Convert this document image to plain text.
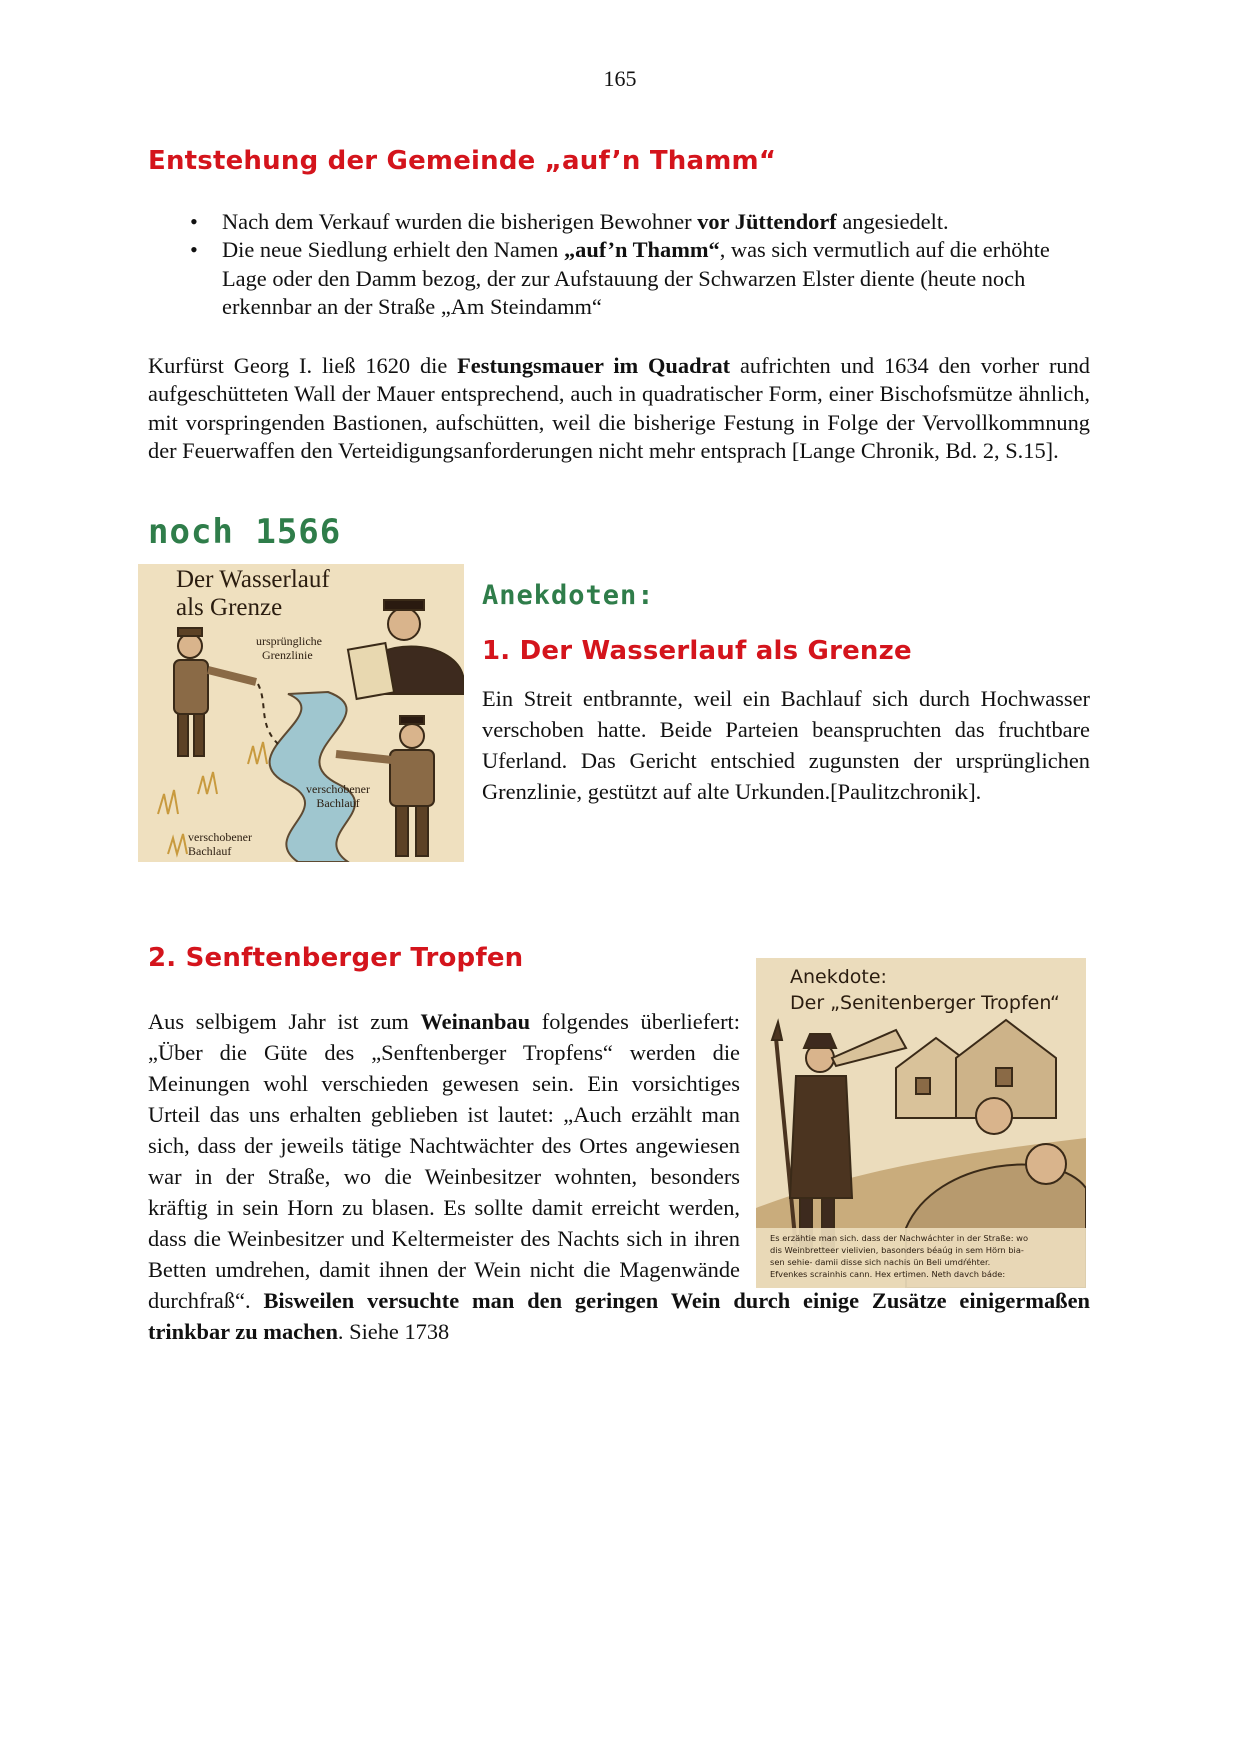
165
Entstehung der Gemeinde „auf’n Thamm“
• Nach dem Verkauf wurden die bisherigen Bewohner vor Jüttendorf angesiedelt.
• Die neue Siedlung erhielt den Namen „auf’n Thamm“, was sich vermutlich auf die erhöhte Lage oder den Damm bezog, der zur Aufstauung der Schwarzen Elster diente (heute noch erkennbar an der Straße „Am Steindamm“
Kurfürst Georg I. ließ 1620 die Festungsmauer im Quadrat aufrichten und 1634 den vorher rund aufgeschütteten Wall der Mauer entsprechend, auch in quadratischer Form, einer Bischofsmütze ähnlich, mit vorspringenden Bastionen, aufschütten, weil die bisherige Festung in Folge der Vervollkommnung der Feuerwaffen den Verteidigungsanforderungen nicht mehr entsprach [Lange Chronik, Bd. 2, S.15].
noch 1566
Der Wasserlauf
als Grenze
ursprüngliche
Grenzlinie
verschobener
Bachlauf
verschobener
Bachlauf
Anekdoten:
1. Der Wasserlauf als Grenze
Ein Streit entbrannte, weil ein Bachlauf sich durch Hochwasser verschoben hatte. Beide Parteien beanspruchten das fruchtbare Uferland. Das Gericht entschied zugunsten der ursprünglichen Grenzlinie, gestützt auf alte Urkunden.[Paulitzchronik].
2. Senftenberger Tropfen
Anekdote:
Der „Senitenberger Tropfen“
Es erzähtie man sich. dass der Nachwáchter in der Straße: wo
dis Weinbretteer vielivien, basonders béaúg in sem Hörn bia-
sen sehie- damii disse sich nachis ün Beli umdŕéhter.
Efvenkes scrainhis cann. Hex ertimen. Neth davch báde:
Aus selbigem Jahr ist zum Weinanbau folgendes überliefert: „Über die Güte des „Senftenberger Tropfens“ werden die Meinungen wohl verschieden gewesen sein. Ein vorsichtiges Urteil das uns erhalten geblieben ist lautet: „Auch erzählt man sich, dass der jeweils tätige Nachtwächter des Ortes angewiesen war in der Straße, wo die Weinbesitzer wohnten, besonders kräftig in sein Horn zu blasen. Es sollte damit erreicht werden, dass die Weinbesitzer und Keltermeister des Nachts sich in ihren Betten umdrehen, damit ihnen der Wein nicht die Magenwände durchfraß“. Bisweilen versuchte man den geringen Wein durch einige Zusätze einigermaßen trinkbar zu machen. Siehe 1738
